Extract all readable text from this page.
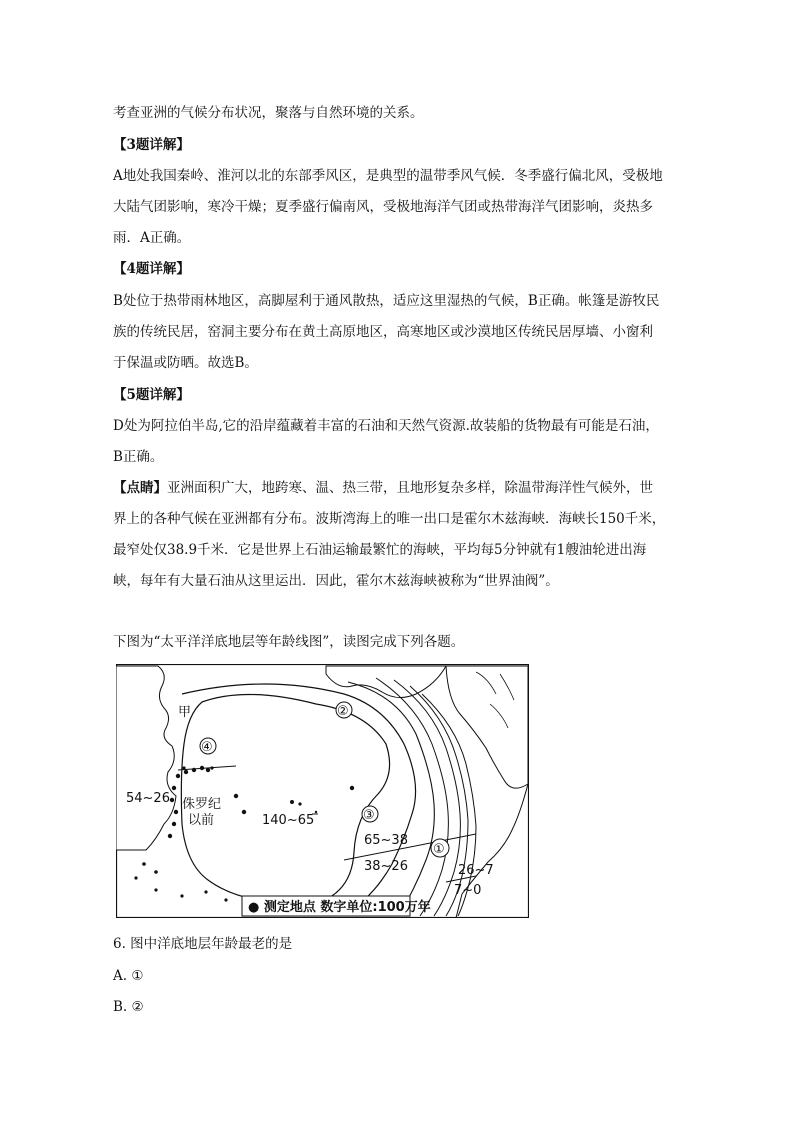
考查亚洲的气候分布状况，聚落与自然环境的关系。
【3题详解】
A地处我国秦岭、淮河以北的东部季风区，是典型的温带季风气候．冬季盛行偏北风，受极地
大陆气团影响，寒冷干燥；夏季盛行偏南风，受极地海洋气团或热带海洋气团影响，炎热多
雨．A正确。
【4题详解】
B处位于热带雨林地区，高脚屋利于通风散热，适应这里湿热的气候，B正确。帐篷是游牧民
族的传统民居，窑洞主要分布在黄土高原地区，高寒地区或沙漠地区传统民居厚墙、小窗利
于保温或防晒。故选B。
【5题详解】
D处为阿拉伯半岛,它的沿岸蕴藏着丰富的石油和天然气资源.故装船的货物最有可能是石油，
B正确。
【点睛】亚洲面积广大，地跨寒、温、热三带，且地形复杂多样，除温带海洋性气候外，世
界上的各种气候在亚洲都有分布。波斯湾海上的唯一出口是霍尔木兹海峡．海峡长150千米，
最窄处仅38.9千米．它是世界上石油运输最繁忙的海峡，平均每5分钟就有1艘油轮进出海
峡，每年有大量石油从这里运出．因此，霍尔木兹海峡被称为“世界油阀”。
下图为“太平洋洋底地层等年龄线图”，读图完成下列各题。
甲	②
④
③
①
54~26 侏罗纪
以前	140~65
65~38
38~26	26~7
7~0
● 测定地点 数字单位:100万年
6. 图中洋底地层年龄最老的是
A. ①
B. ②
